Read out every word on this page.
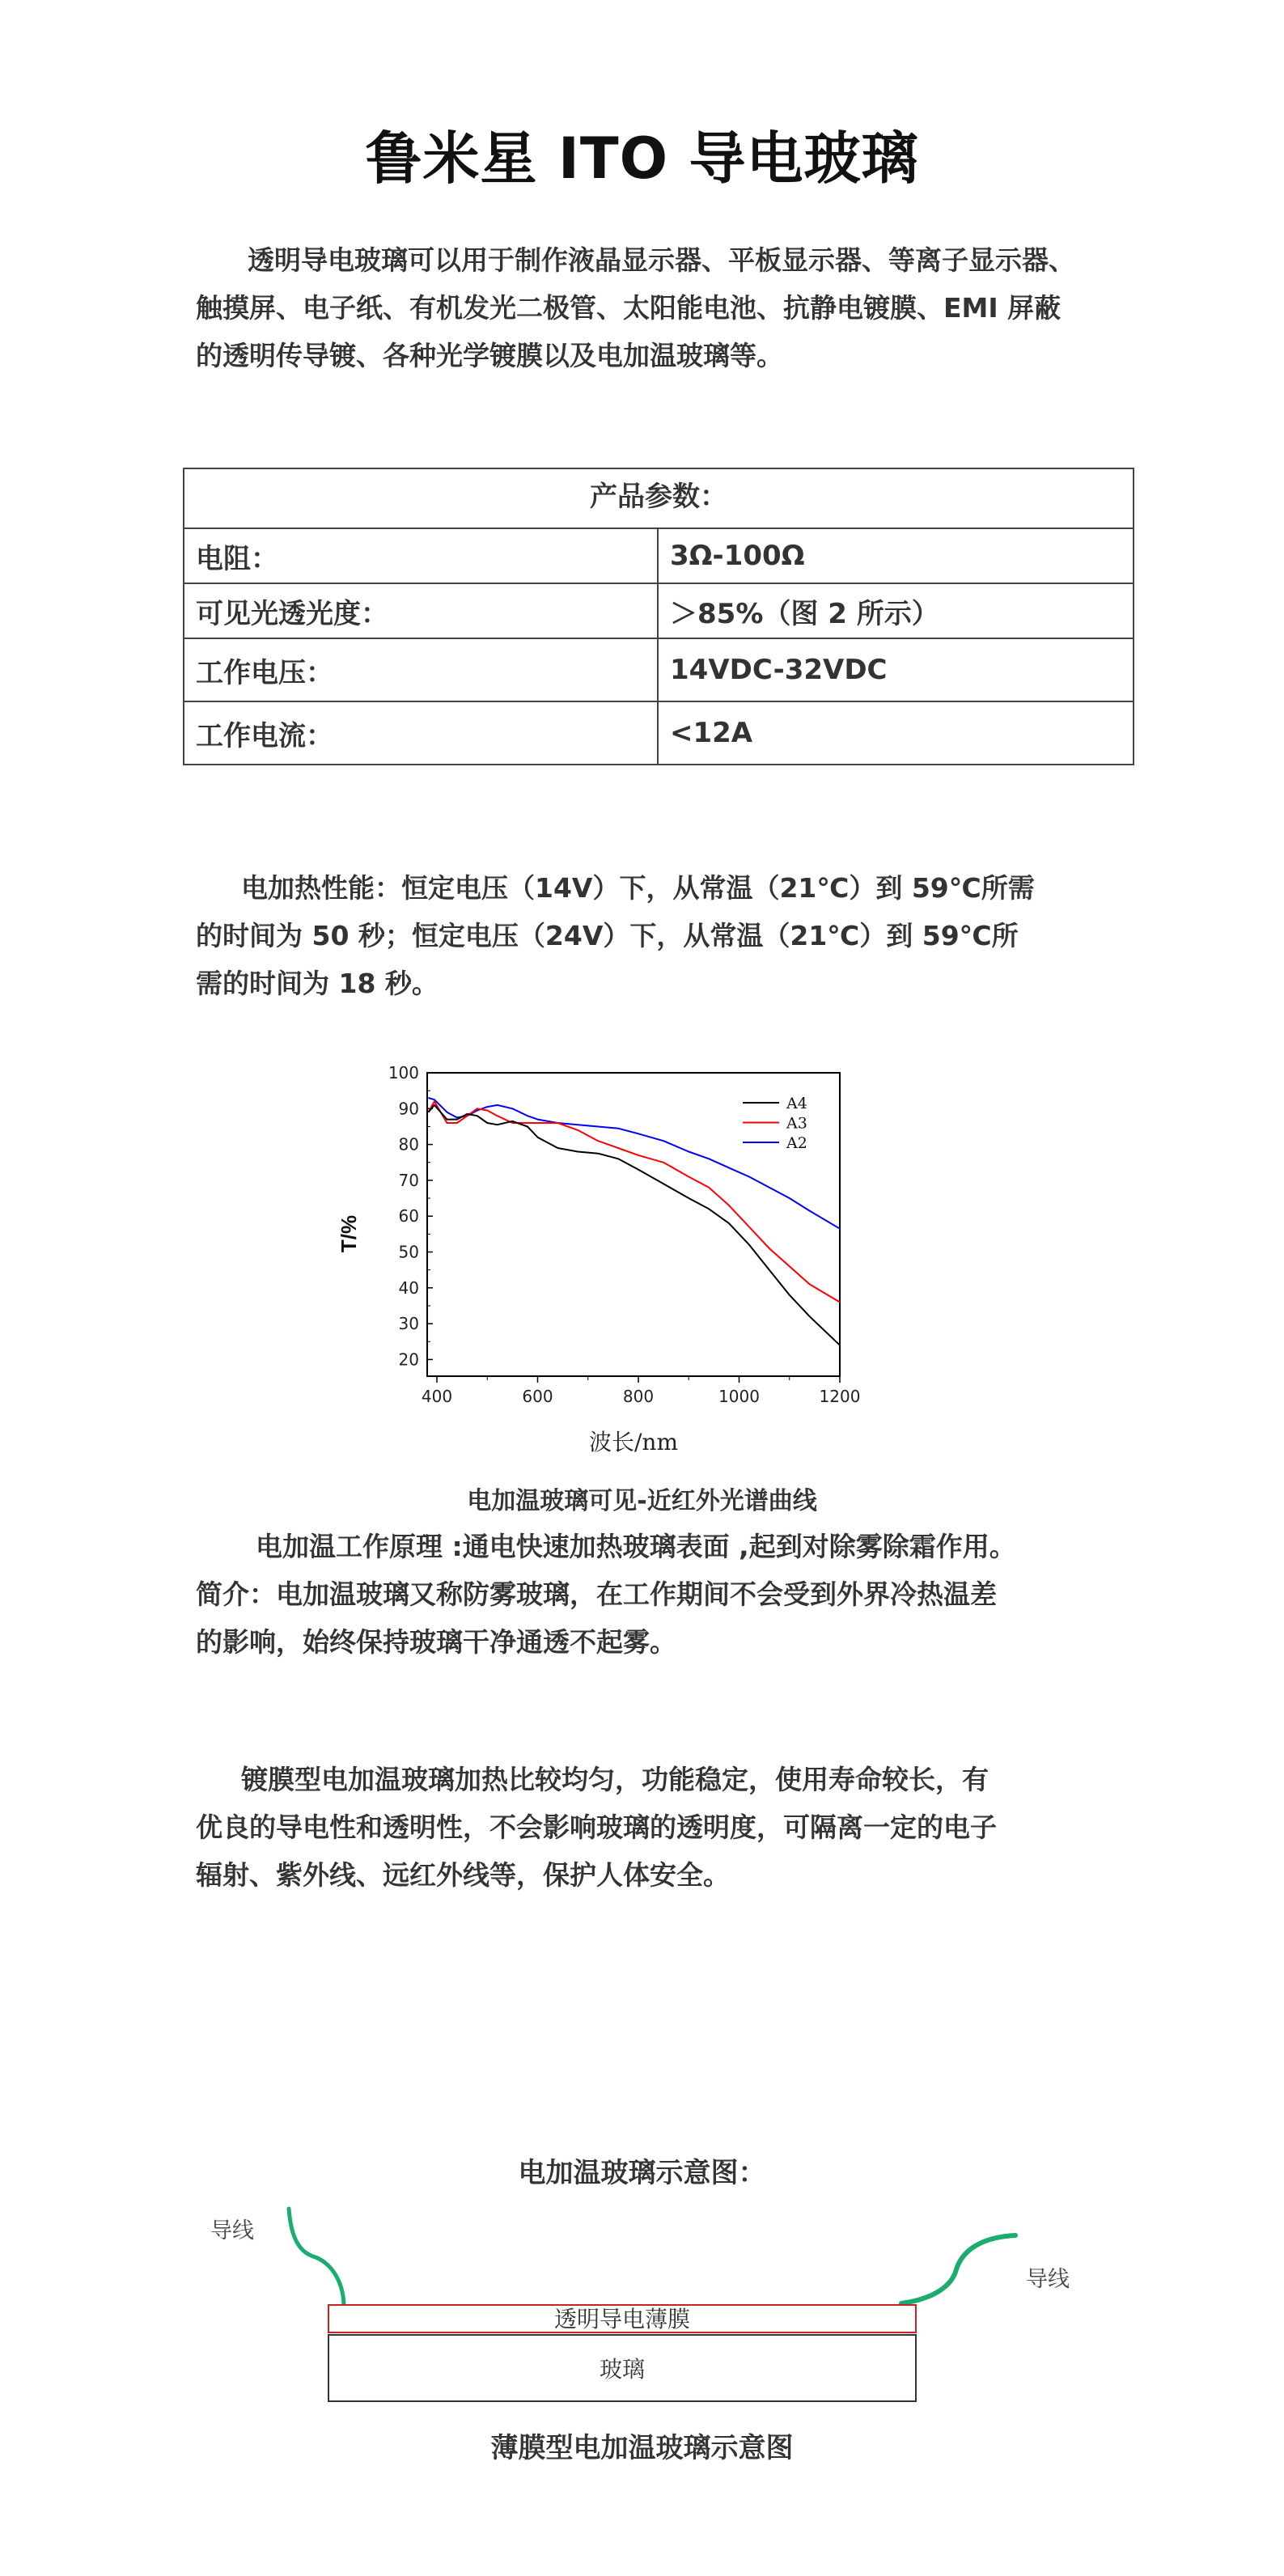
鲁米星 ITO 导电玻璃
透明导电玻璃可以用于制作液晶显示器、平板显示器、等离子显示器、
触摸屏、电子纸、有机发光二极管、太阳能电池、抗静电镀膜、EMI 屏蔽
的透明传导镀、各种光学镀膜以及电加温玻璃等。
产品参数：	
电阻：	3Ω-100Ω
可见光透光度：	＞85%（图 2 所示）
工作电压：	14VDC-32VDC
工作电流：	<12A
电加热性能：恒定电压（14V）下，从常温（21℃）到 59℃所需
的时间为 50 秒；恒定电压（24V）下，从常温（21℃）到 59℃所
需的时间为 18 秒。
20
30
40
50
60
70
80
90
100
400	600	800	1000	1200
A4
A3
A2
波长/nm
T/%
电加温玻璃可见-近红外光谱曲线
电加温工作原理 :通电快速加热玻璃表面 ,起到对除雾除霜作用。
简介：电加温玻璃又称防雾玻璃，在工作期间不会受到外界冷热温差
的影响，始终保持玻璃干净通透不起雾。
镀膜型电加温玻璃加热比较均匀，功能稳定，使用寿命较长，有
优良的导电性和透明性，不会影响玻璃的透明度，可隔离一定的电子
辐射、紫外线、远红外线等，保护人体安全。
电加温玻璃示意图：
透明导电薄膜
玻璃
导线
导线
薄膜型电加温玻璃示意图
